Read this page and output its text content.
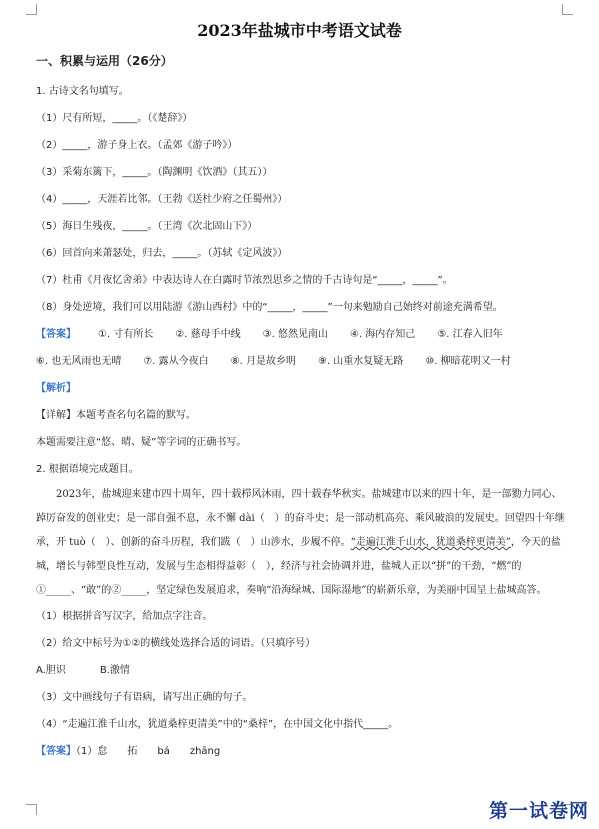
2023年盐城市中考语文试卷
一、积累与运用（26分）
1. 古诗文名句填写。
（1）尺有所短，_____。（《楚辞》）
（2）_____，游子身上衣。（孟郊《游子吟》）
（3）采菊东篱下，_____。（陶渊明《饮酒》（其五））
（4）_____，天涯若比邻。（王勃《送杜少府之任蜀州》）
（5）海日生残夜，_____。（王湾《次北固山下》）
（6）回首向来萧瑟处，归去，_____。（苏轼《定风波》）
（7）杜甫《月夜忆舍弟》中表达诗人在白露时节浓烈思乡之情的千古诗句是“_____，_____”。
（8）身处逆境，我们可以用陆游《游山西村》中的“_____，_____”一句来勉励自己始终对前途充满希望。
【答案】 ①. 寸有所长 ②. 慈母手中线 ③. 悠然见南山 ④. 海内存知己 ⑤. 江春入旧年
⑥. 也无风雨也无晴 ⑦. 露从今夜白 ⑧. 月是故乡明 ⑨. 山重水复疑无路 ⑩. 柳暗花明又一村
【解析】
【详解】本题考查名句名篇的默写。
本题需要注意“悠、晴、疑”等字词的正确书写。
2. 根据语境完成题目。

2023年，盐城迎来建市四十周年，四十载栉风沐雨，四十载春华秋实。盐城建市以来的四十年，是一部勠力同心、踔厉奋发的创业史；是一部自强不息，永不懈 dài（　）的奋斗史；是一部动机高亮、乘风破浪的发展史。回望四十年继承，开 tuò（　）、创新的奋斗历程，我们跋（　）山涉水，步履不停。“走遍江淮千山水，犹道桑梓更清美”，今天的盐城，增长与韩型良性互动，发展与生态相得益彰（　），经济与社会协调并进，盐城人正以“拼”的干劲，“燃”的①_____、“敢”的②_____，坚定绿色发展追求，奏响“沿海绿城、国际湿地”的崭新乐章，为美丽中国呈上盐城高答。

（1）根据拼音写汉字，给加点字注音。
（2）给文中标号为①②的横线处选择合适的词语。（只填序号）
A.胆识	B.激情
（3）文中画线句子有语病，请写出正确的句子。
（4）“走遍江淮千山水，犹道桑梓更清美”中的“桑梓”，在中国文化中指代_____。
【答案】（1）怠　　拓　　bá　　zhāng
第一试卷网
